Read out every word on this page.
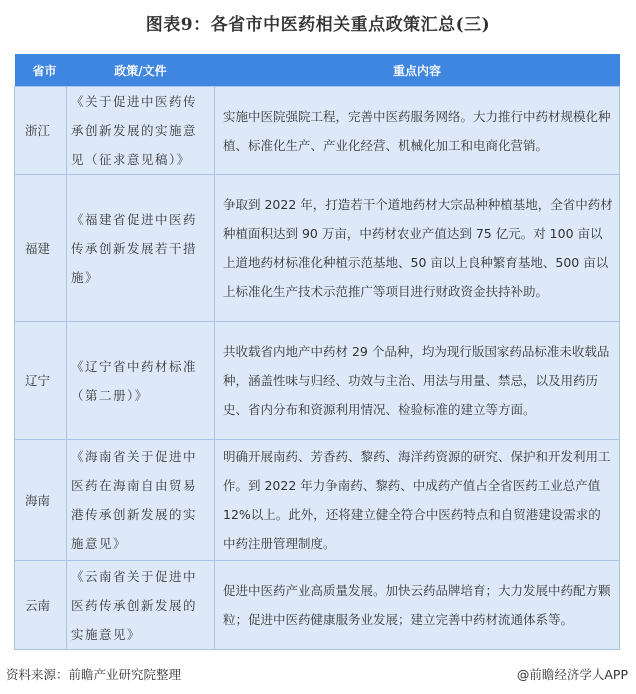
图表9：各省市中医药相关重点政策汇总(三)
省市	政策/文件	重点内容
浙江	《关于促进中医药传承创新发展的实施意见（征求意见稿）》	实施中医院强院工程，完善中医药服务网络。大力推行中药材规模化种植、标准化生产、产业化经营、机械化加工和电商化营销。
福建	《福建省促进中医药传承创新发展若干措施》	争取到 2022 年，打造若干个道地药材大宗品种种植基地，全省中药材种植面积达到 90 万亩，中药材农业产值达到 75 亿元。对 100 亩以上道地药材标准化种植示范基地、50 亩以上良种繁育基地、500 亩以上标准化生产技术示范推广等项目进行财政资金扶持补助。
辽宁	《辽宁省中药材标准（第二册）》	共收载省内地产中药材 29 个品种，均为现行版国家药品标准未收载品种，涵盖性味与归经、功效与主治、用法与用量、禁忌，以及用药历史、省内分布和资源利用情况、检验标准的建立等方面。
海南	《海南省关于促进中医药在海南自由贸易港传承创新发展的实施意见》	明确开展南药、芳香药、黎药、海洋药资源的研究、保护和开发利用工作。到 2022 年力争南药、黎药、中成药产值占全省医药工业总产值 12%以上。此外，还将建立健全符合中医药特点和自贸港建设需求的中药注册管理制度。
云南	《云南省关于促进中医药传承创新发展的实施意见》	促进中医药产业高质量发展。加快云药品牌培育；大力发展中药配方颗粒；促进中医药健康服务业发展；建立完善中药材流通体系等。
资料来源：前瞻产业研究院整理	@前瞻经济学人APP
